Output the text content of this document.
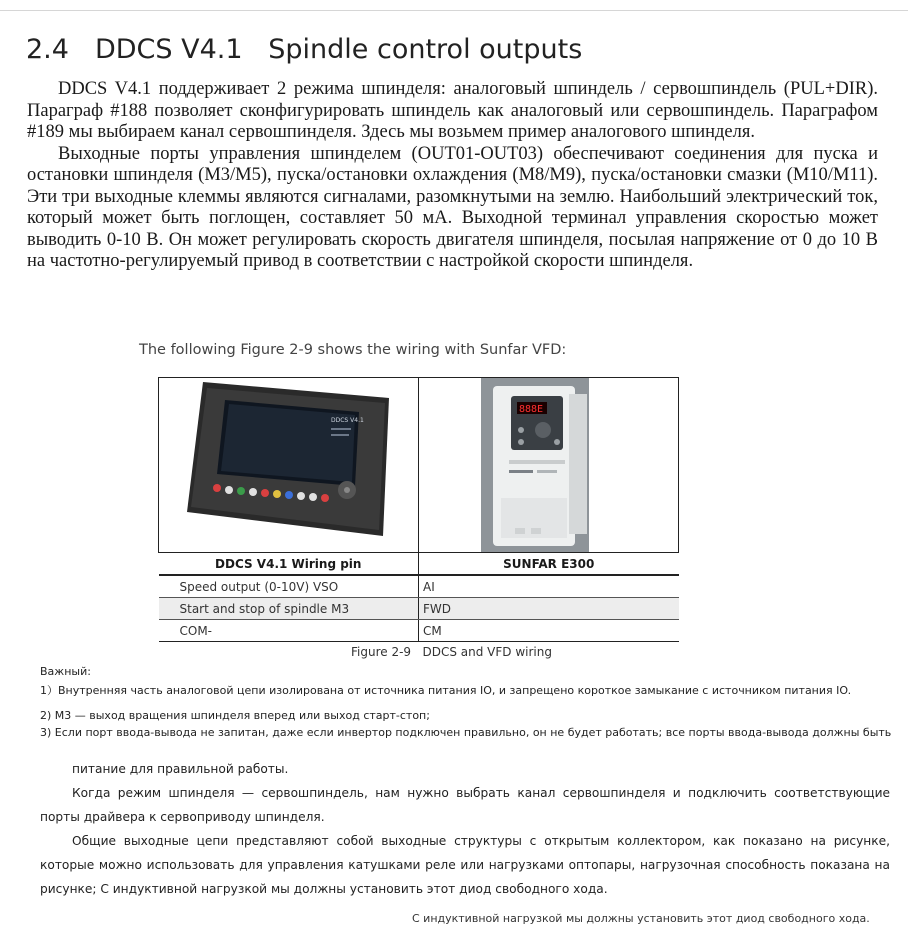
2.4 DDCS V4.1   Spindle control outputs

DDCS V4.1 поддерживает 2 режима шпинделя: аналоговый шпиндель / сервошпиндель (PUL+DIR). Параграф #188 позволяет сконфигурировать шпиндель как аналоговый или сервошпиндель. Параграфом #189 мы выбираем канал сервошпинделя. Здесь мы возьмем пример аналогового шпинделя.

Выходные порты управления шпинделем (OUT01-OUT03) обеспечивают соединения для пуска и остановки шпинделя (M3/M5), пуска/остановки охлаждения (M8/M9), пуска/остановки смазки (M10/M11). Эти три выходные клеммы являются сигналами, разомкнутыми на землю. Наибольший электрический ток, который может быть поглощен, составляет 50 мА. Выходной терминал управления скоростью может выводить 0-10 В. Он может регулировать скорость двигателя шпинделя, посылая напряжение от 0 до 10 В на частотно-регулируемый привод в соответствии с настройкой скорости шпинделя.

The following Figure 2-9 shows the wiring with Sunfar VFD:
DDCS V4.1	888E

DDCS V4.1 Wiring pin	SUNFAR E300
Speed output (0-10V) VSO	AI
Start and stop of spindle M3	FWD
COM-	CM
Figure 2-9   DDCS and VFD wiring
Важный:
1）Внутренняя часть аналоговой цепи изолирована от источника питания IO, и запрещено короткое замыкание с источником питания IO.
2) M3 — выход вращения шпинделя вперед или выход старт-стоп;
3) Если порт ввода-вывода не запитан, даже если инвертор подключен правильно, он не будет работать; все порты ввода-вывода должны быть

питание для правильной работы.

Когда режим шпинделя — сервошпиндель, нам нужно выбрать канал сервошпинделя и подключить соответствующие порты драйвера к сервоприводу шпинделя.

Общие выходные цепи представляют собой выходные структуры с открытым коллектором, как показано на рисунке, которые можно использовать для управления катушками реле или нагрузками оптопары, нагрузочная способность показана на рисунке; С индуктивной нагрузкой мы должны установить этот диод свободного хода.

С индуктивной нагрузкой мы должны установить этот диод свободного хода.
